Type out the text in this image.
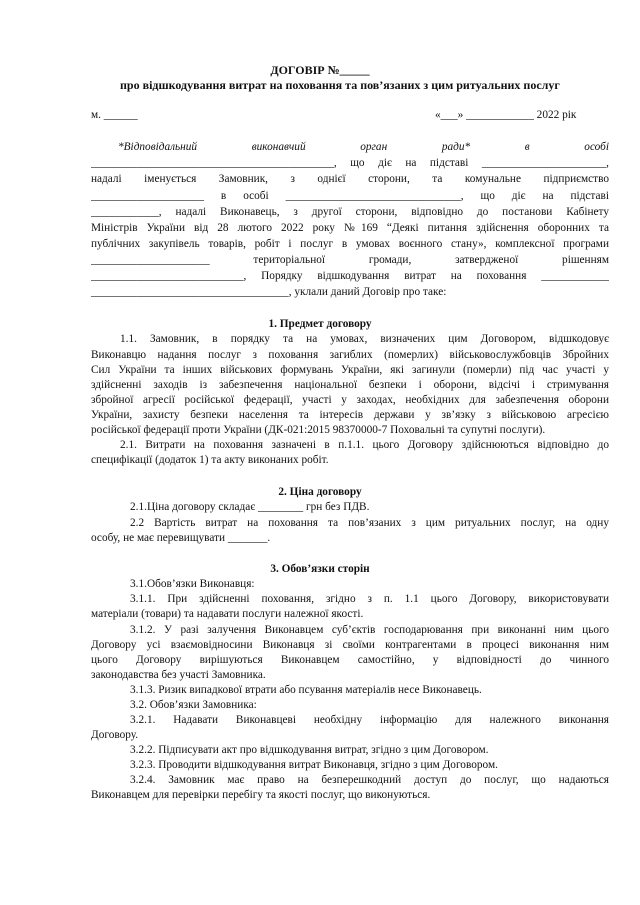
ДОГОВІР №_____
про відшкодування витрат на поховання та пов’язаних з цим ритуальних послуг
м. ______	«___» ____________ 2022 рік
*Відповідальний виконавчий орган ради* в особі
___________________________________________, що діє на підставі ______________________,
надалі іменується Замовник, з однієї сторони, та комунальне підприємство
____________________ в особі _______________________________, що діє на підставі
____________, надалі Виконавець, з другої сторони, відповідно до постанови Кабінету
Міністрів України від 28 лютого 2022 року №169 “Деякі питання здійснення оборонних та
публічних закупівель товарів, робіт і послуг в умовах воєнного стану», комплексної програми
_____________________ територіальної громади, затвердженої рішенням
___________________________, Порядку відшкодування витрат на поховання ____________
___________________________________, уклали даний Договір про таке:
1. Предмет договору
1.1. Замовник, в порядку та на умовах, визначених цим Договором, відшкодовує
Виконавцю надання послуг з поховання загиблих (померлих) військовослужбовців Збройних
Сил України та інших військових формувань України, які загинули (померли) під час участі у
здійсненні заходів із забезпечення національної безпеки і оборони, відсічі і стримування
збройної агресії російської федерації, участі у заходах, необхідних для забезпечення оборони
України, захисту безпеки населення та інтересів держави у зв’язку з військовою агресією
російської федерації проти України (ДК-021:2015 98370000-7 Поховальні та супутні послуги).
2.1. Витрати на поховання зазначені в п.1.1. цього Договору здійснюються відповідно до
специфікації (додаток 1) та акту виконаних робіт.
2. Ціна договору
2.1.Ціна договору складає ________ грн без ПДВ.
2.2 Вартість витрат на поховання та пов’язаних з цим ритуальних послуг, на одну
особу, не має перевищувати _______.
3. Обов’язки сторін
3.1.Обов’язки Виконавця:
3.1.1. При здійсненні поховання, згідно з п. 1.1 цього Договору, використовувати
матеріали (товари) та надавати послуги належної якості.
3.1.2. У разі залучення Виконавцем суб’єктів господарювання при виконанні ним цього
Договору усі взаємовідносини Виконавця зі своїми контрагентами в процесі виконання ним
цього Договору вирішуються Виконавцем самостійно, у відповідності до чинного
законодавства без участі Замовника.
3.1.3. Ризик випадкової втрати або псування матеріалів несе Виконавець.
3.2. Обов’язки Замовника:
3.2.1. Надавати Виконавцеві необхідну інформацію для належного виконання
Договору.
3.2.2. Підписувати акт про відшкодування витрат, згідно з цим Договором.
3.2.3. Проводити відшкодування витрат Виконавця, згідно з цим Договором.
3.2.4. Замовник має право на безперешкодний доступ до послуг, що надаються
Виконавцем для перевірки перебігу та якості послуг, що виконуються.
